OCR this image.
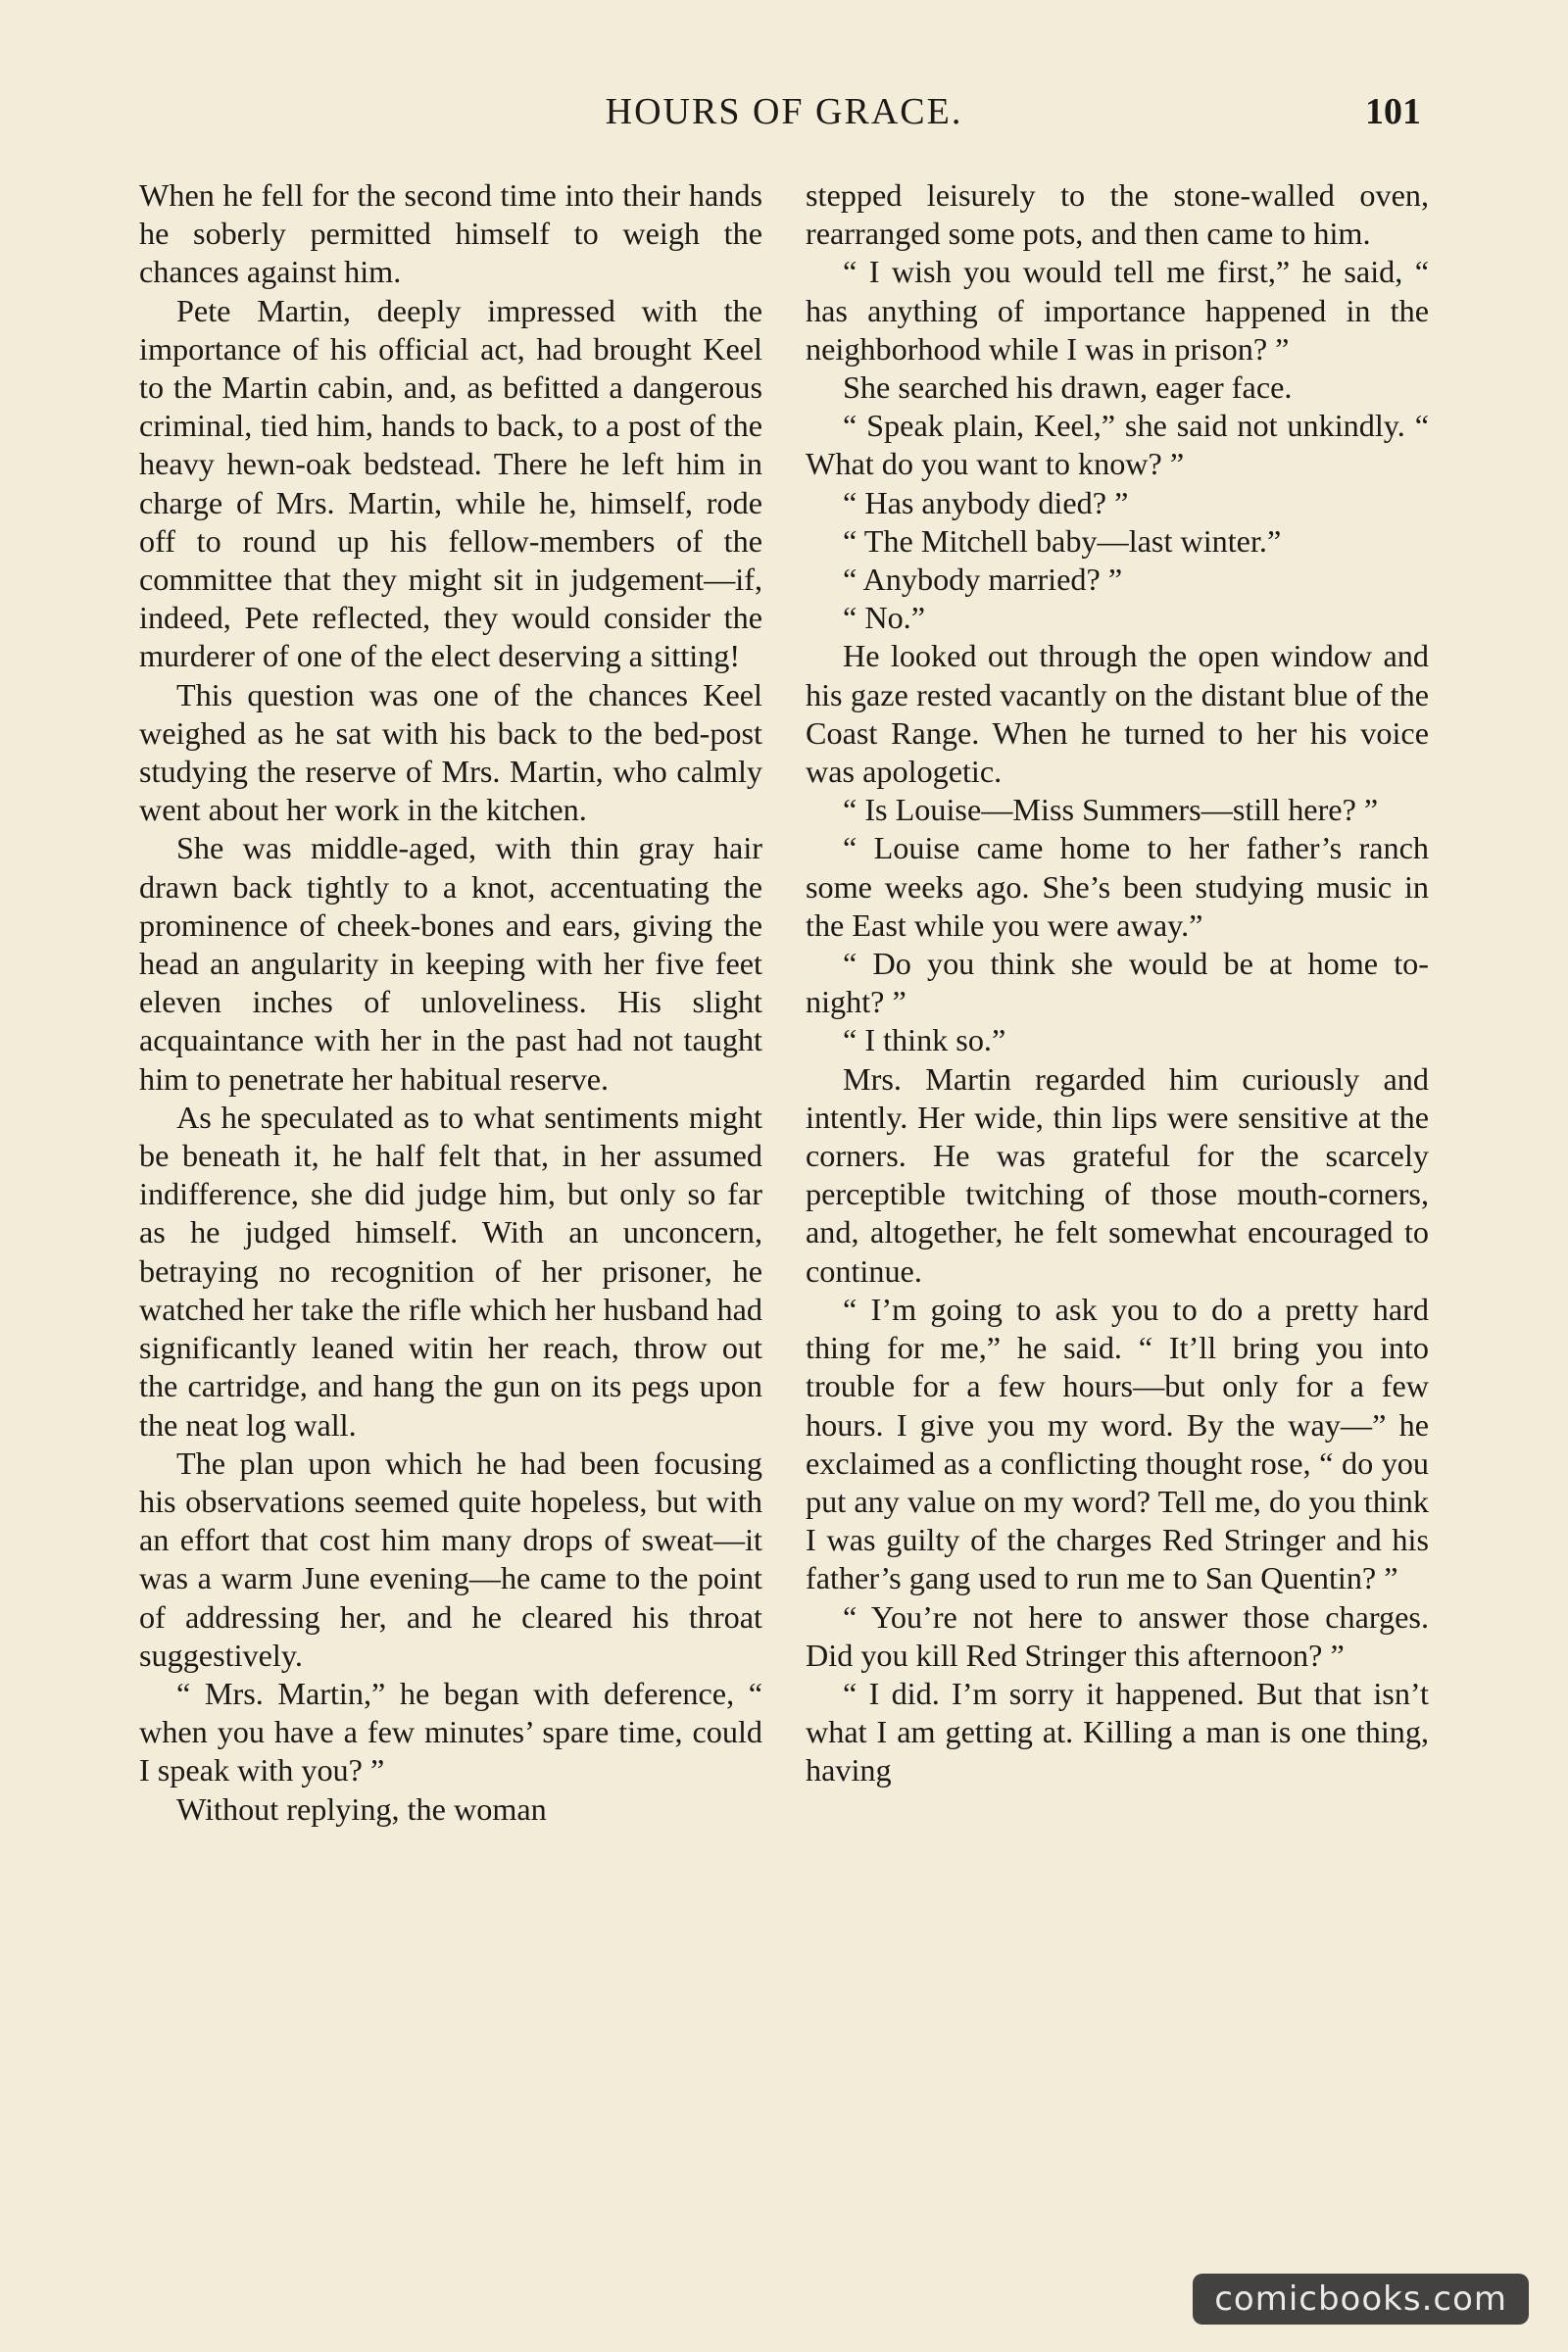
HOURS OF GRACE.	101

When he fell for the second time into their hands he soberly permitted himself to weigh the chances against him.

Pete Martin, deeply impressed with the importance of his official act, had brought Keel to the Martin cabin, and, as befitted a dangerous criminal, tied him, hands to back, to a post of the heavy hewn-oak bedstead. There he left him in charge of Mrs. Martin, while he, himself, rode off to round up his fellow-members of the committee that they might sit in judgement—if, indeed, Pete reflected, they would consider the murderer of one of the elect deserving a sitting!

This question was one of the chances Keel weighed as he sat with his back to the bed-post studying the reserve of Mrs. Martin, who calmly went about her work in the kitchen.

She was middle-aged, with thin gray hair drawn back tightly to a knot, accentuating the prominence of cheek-bones and ears, giving the head an angularity in keeping with her five feet eleven inches of unloveliness. His slight acquaintance with her in the past had not taught him to penetrate her habitual reserve.

As he speculated as to what sentiments might be beneath it, he half felt that, in her assumed indifference, she did judge him, but only so far as he judged himself. With an unconcern, betraying no recognition of her prisoner, he watched her take the rifle which her husband had significantly leaned witin her reach, throw out the cartridge, and hang the gun on its pegs upon the neat log wall.

The plan upon which he had been focusing his observations seemed quite hopeless, but with an effort that cost him many drops of sweat—it was a warm June evening—he came to the point of addressing her, and he cleared his throat suggestively.

“ Mrs. Martin,” he began with deference, “ when you have a few minutes’ spare time, could I speak with you? ”

Without replying, the woman

stepped leisurely to the stone-walled oven, rearranged some pots, and then came to him.

“ I wish you would tell me first,” he said, “ has anything of importance happened in the neighborhood while I was in prison? ”

She searched his drawn, eager face.

“ Speak plain, Keel,” she said not unkindly. “ What do you want to know? ”

“ Has anybody died? ”

“ The Mitchell baby—last winter.”

“ Anybody married? ”

“ No.”

He looked out through the open window and his gaze rested vacantly on the distant blue of the Coast Range. When he turned to her his voice was apologetic.

“ Is Louise—Miss Summers—still here? ”

“ Louise came home to her father’s ranch some weeks ago. She’s been studying music in the East while you were away.”

“ Do you think she would be at home to-night? ”

“ I think so.”

Mrs. Martin regarded him curiously and intently. Her wide, thin lips were sensitive at the corners. He was grateful for the scarcely perceptible twitching of those mouth-corners, and, altogether, he felt somewhat encouraged to continue.

“ I’m going to ask you to do a pretty hard thing for me,” he said. “ It’ll bring you into trouble for a few hours—but only for a few hours. I give you my word. By the way—” he exclaimed as a conflicting thought rose, “ do you put any value on my word? Tell me, do you think I was guilty of the charges Red Stringer and his father’s gang used to run me to San Quentin? ”

“ You’re not here to answer those charges. Did you kill Red Stringer this afternoon? ”

“ I did. I’m sorry it happened. But that isn’t what I am getting at. Killing a man is one thing, having

comicbooks.com
